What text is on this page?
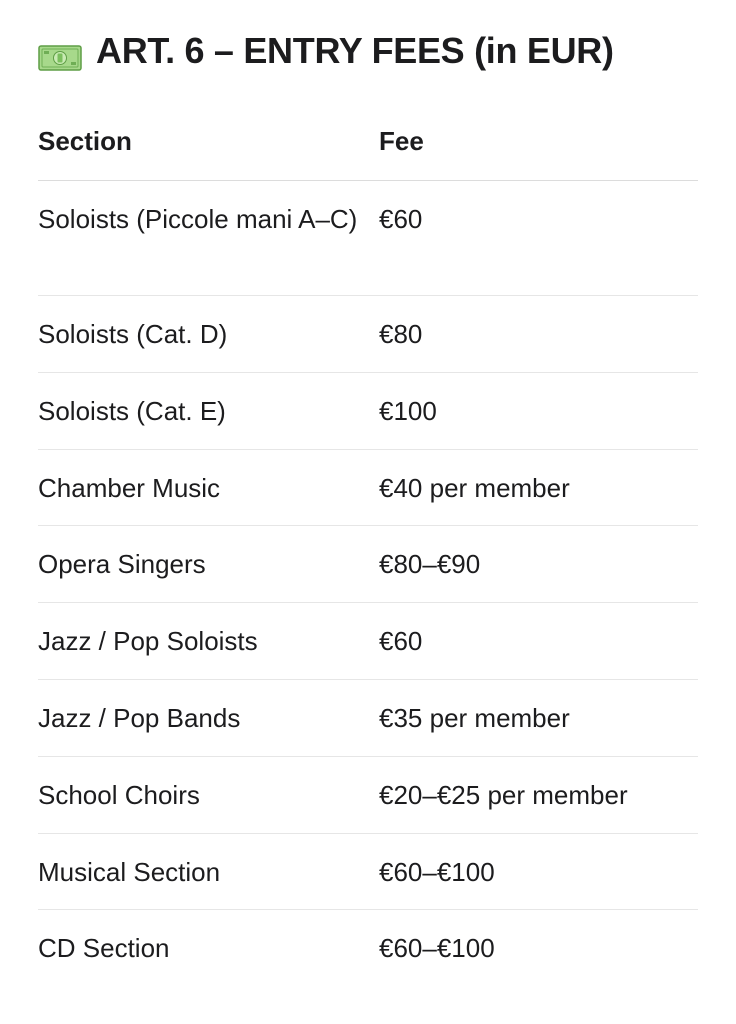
ART. 6 – ENTRY FEES (in EUR)
Section	Fee
Soloists (Piccole mani A–C) €60
Soloists (Cat. D)	€80
Soloists (Cat. E)	€100
Chamber Music	€40 per member
Opera Singers	€80–€90
Jazz / Pop Soloists	€60
Jazz / Pop Bands	€35 per member
School Choirs	€20–€25 per member
Musical Section	€60–€100
CD Section	€60–€100
